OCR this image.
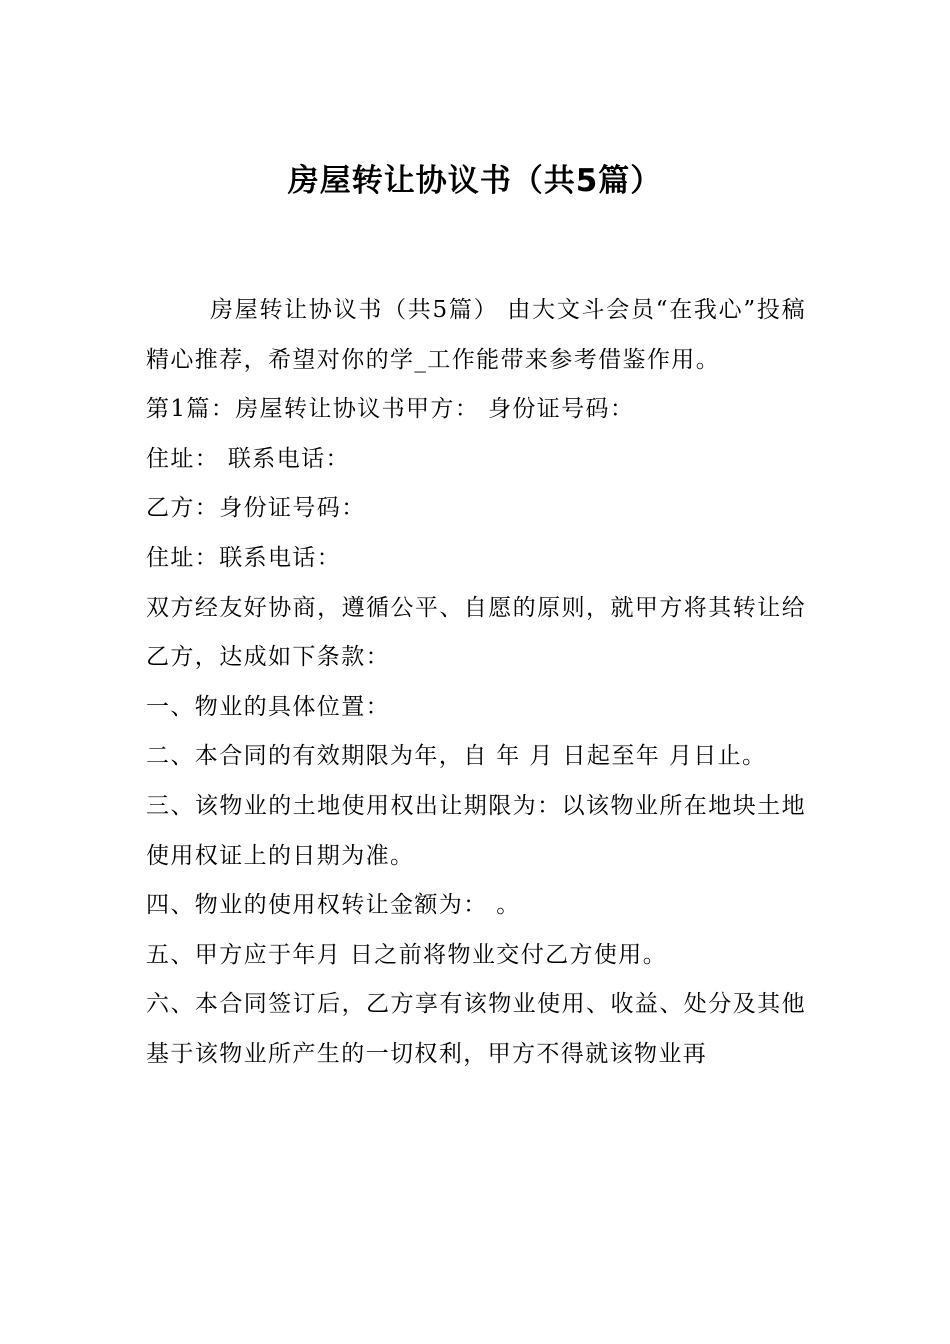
房屋转让协议书（共5篇）

房屋转让协议书（共5篇） 由大文斗会员“在我心”投稿精心推荐，希望对你的学_工作能带来参考借鉴作用。

第1篇：房屋转让协议书甲方： 身份证号码：

住址： 联系电话：

乙方：身份证号码：

住址：联系电话：

双方经友好协商，遵循公平、自愿的原则，就甲方将其转让给乙方，达成如下条款：

一、物业的具体位置：

二、本合同的有效期限为年，自 年 月 日起至年 月日止。

三、该物业的土地使用权出让期限为：以该物业所在地块土地使用权证上的日期为准。

四、物业的使用权转让金额为： 。

五、甲方应于年月 日之前将物业交付乙方使用。

六、本合同签订后，乙方享有该物业使用、收益、处分及其他基于该物业所产生的一切权利，甲方不得就该物业再
